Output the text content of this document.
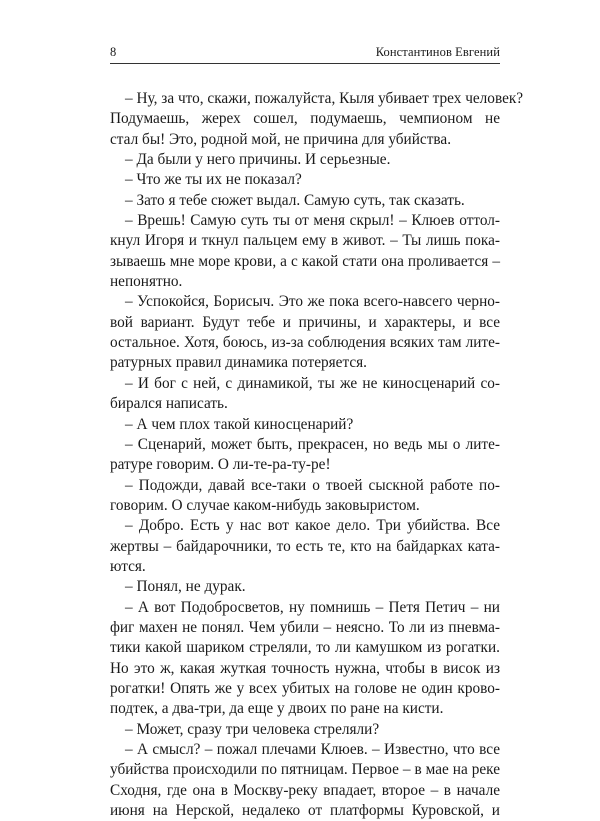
8	Константинов Евгений
– Ну, за что, скажи, пожалуйста, Кыля убивает трех человек?
Подумаешь, жерех сошел, подумаешь, чемпионом не
стал бы! Это, родной мой, не причина для убийства.
– Да были у него причины. И серьезные.
– Что же ты их не показал?
– Зато я тебе сюжет выдал. Самую суть, так сказать.
– Врешь! Самую суть ты от меня скрыл! – Клюев оттол-
кнул Игоря и ткнул пальцем ему в живот. – Ты лишь пока-
зываешь мне море крови, а с какой стати она проливается –
непонятно.
– Успокойся, Борисыч. Это же пока всего-навсего черно-
вой вариант. Будут тебе и причины, и характеры, и все
остальное. Хотя, боюсь, из-за соблюдения всяких там лите-
ратурных правил динамика потеряется.
– И бог с ней, с динамикой, ты же не киносценарий со-
бирался написать.
– А чем плох такой киносценарий?
– Сценарий, может быть, прекрасен, но ведь мы о лите-
ратуре говорим. О ли-те-ра-ту-ре!
– Подожди, давай все-таки о твоей сыскной работе по-
говорим. О случае каком-нибудь заковыристом.
– Добро. Есть у нас вот какое дело. Три убийства. Все
жертвы – байдарочники, то есть те, кто на байдарках ката-
ются.
– Понял, не дурак.
– А вот Подобросветов, ну помнишь – Петя Петич – ни
фиг махен не понял. Чем убили – неясно. То ли из пневма-
тики какой шариком стреляли, то ли камушком из рогатки.
Но это ж, какая жуткая точность нужна, чтобы в висок из
рогатки! Опять же у всех убитых на голове не один крово-
подтек, а два-три, да еще у двоих по ране на кисти.
– Может, сразу три человека стреляли?
– А смысл? – пожал плечами Клюев. – Известно, что все
убийства происходили по пятницам. Первое – в мае на реке
Сходня, где она в Москву-реку впадает, второе – в начале
июня на Нерской, недалеко от платформы Куровской, и
